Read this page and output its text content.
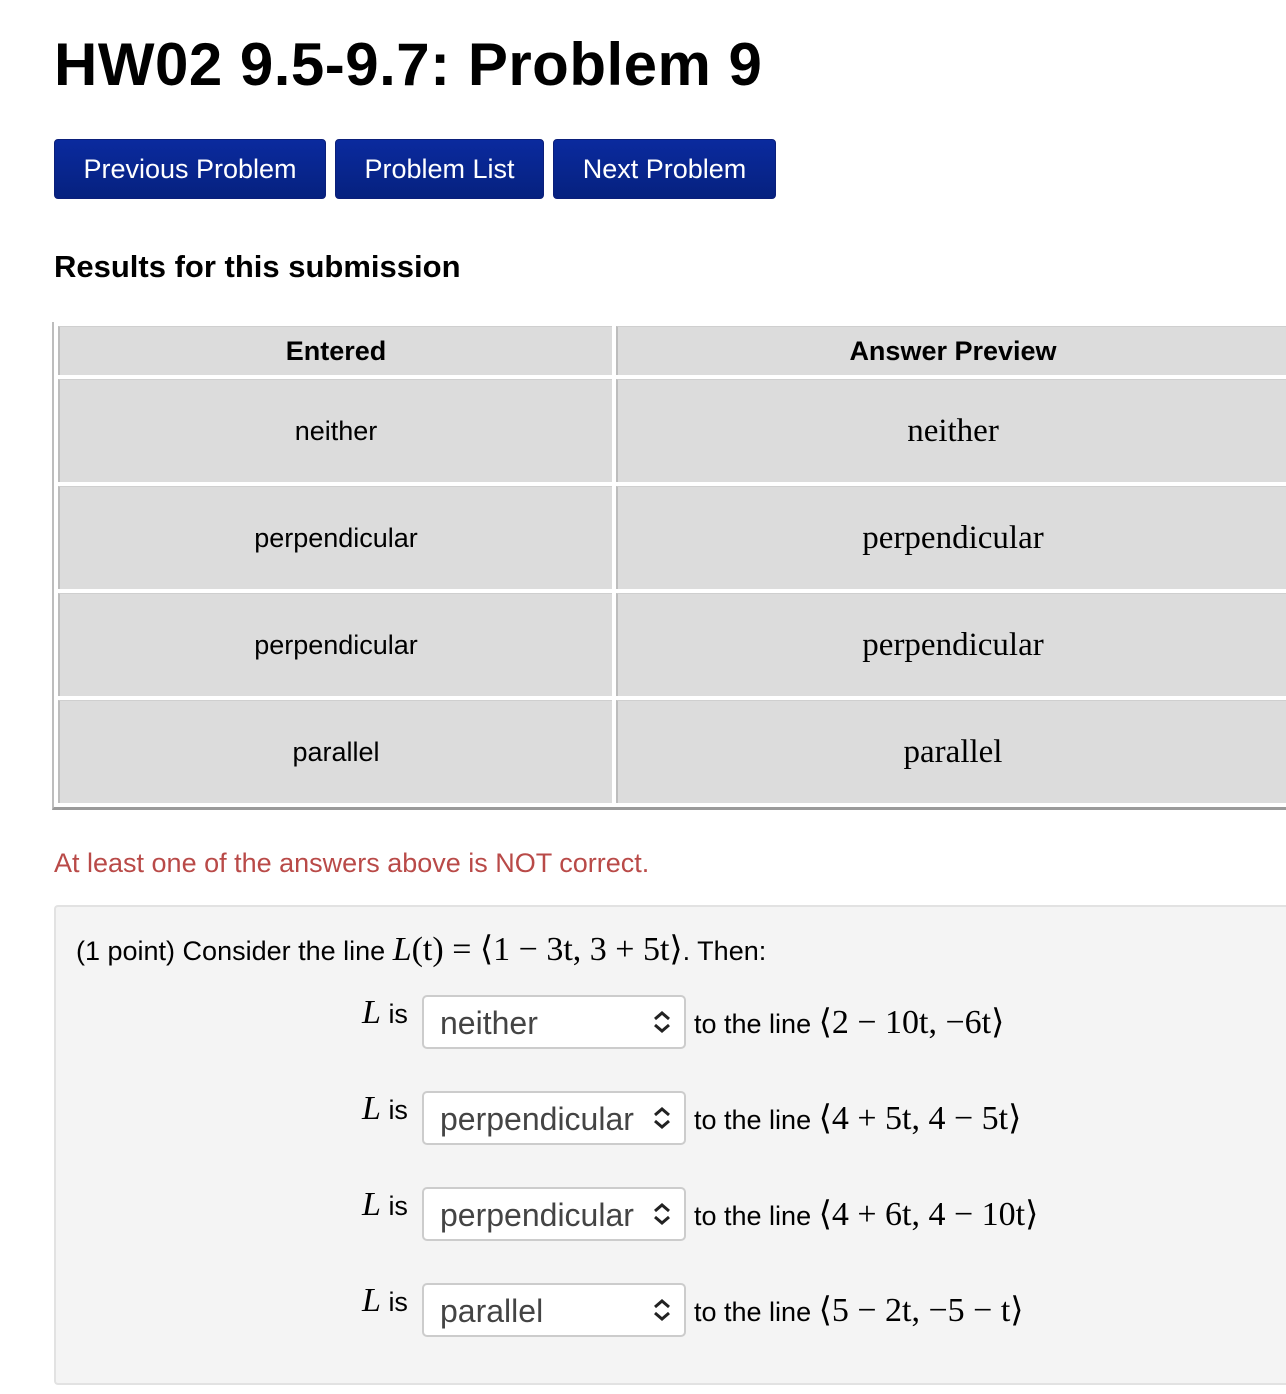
HW02 9.5-9.7: Problem 9
Previous Problem	Problem List	Next Problem
Results for this submission
Entered	Answer Preview
neither	neither
perpendicular	perpendicular
perpendicular	perpendicular
parallel	parallel
At least one of the answers above is NOT correct.
(1 point) Consider the line L(t) = ⟨1 − 3t, 3 + 5t⟩. Then:
L is	neither	to the line ⟨2 − 10t, −6t⟩
L is	perpendicular	to the line ⟨4 + 5t, 4 − 5t⟩
L is	perpendicular	to the line ⟨4 + 6t, 4 − 10t⟩
L is	parallel	to the line ⟨5 − 2t, −5 − t⟩
